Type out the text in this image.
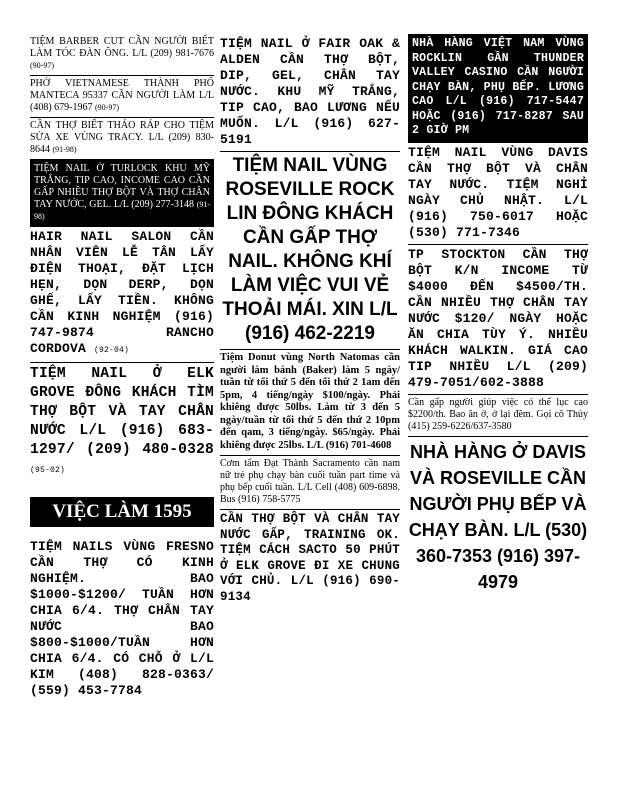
TIỆM BARBER CUT CẦN NGƯỜI BIẾT LÀM TÓC ĐÀN ÔNG. L/L (209) 981-7676 (90-97)

PHỞ VIETNAMESE THÀNH PHỐ MANTECA 95337 CẦN NGƯỜI LÀM L/L (408) 679-1967 (90-97)

CẦN THỢ BIẾT THÁO RÁP CHO TIỆM SỬA XE VÙNG TRACY. L/L (209) 830-8644 (91-98)

TIỆM NAIL Ở TURLOCK KHU MỸ TRẮNG, TIP CAO, INCOME CAO CẦN GẤP NHIỀU THỢ BỘT VÀ THỢ CHÂN TAY NƯỚC, GEL. L/L (209) 277-3148 (91-98)

HAIR NAIL SALON CẦN NHÂN VIÊN LỄ TÂN LẤY ĐIỆN THOẠI, ĐẶT LỊCH HẸN, DỌN DERP, DỌN GHẾ, LẤY TIỀN. KHÔNG CẦN KINH NGHIỆM (916) 747-9874 RANCHO CORDOVA (92-04)

TIỆM NAIL Ở ELK GROVE ĐÔNG KHÁCH TÌM THỢ BỘT VÀ TAY CHÂN NƯỚC L/L (916) 683-1297/ (209) 480-0328 (95-02)

VIỆC LÀM 1595

TIỆM NAILS VÙNG FRESNO CẦN THỢ CÓ KINH NGHIỆM. BAO $1000-$1200/ TUẦN HƠN CHIA 6/4. THỢ CHÂN TAY NƯỚC BAO $800-$1000/TUẦN HƠN CHIA 6/4. CÓ CHỖ Ở L/L KIM (408) 828-0363/ (559) 453-7784

TIỆM NAIL Ở FAIR OAK & ALDEN CẦN THỢ BỘT, DIP, GEL, CHÂN TAY NƯỚC. KHU MỸ TRẮNG, TIP CAO, BAO LƯƠNG NẾU MUỐN. L/L (916) 627-5191

TIỆM NAIL VÙNG ROSEVILLE ROCK LIN ĐÔNG KHÁCH CẦN GẤP THỢ NAIL. KHÔNG KHÍ LÀM VIỆC VUI VẺ THOẢI MÁI. XIN L/L (916) 462-2219

Tiệm Donut vùng North Natomas cần người làm bánh (Baker) làm 5 ngày/ tuần từ tối thứ 5 đến tối thứ 2 1am đến 5pm, 4 tiếng/ngày $100/ngày. Phải khiêng được 50lbs. Làm từ 3 đến 5 ngày/tuần từ tối thứ 5 đến thứ 2 10pm đến qam, 3 tiếng/ngày. $65/ngày. Phải khiêng được 25lbs. L/L (916) 701-4608

Cơm tấm Đạt Thành Sacramento cần nam nữ trẻ phụ chạy bàn cuối tuần part time và phụ bếp cuối tuần. L/L Cell (408) 609-6898. Bus (916) 758-5775

CẦN THỢ BỘT VÀ CHÂN TAY NƯỚC GẤP, TRAINING OK. TIỆM CÁCH SACTO 50 PHÚT Ở ELK GROVE ĐI XE CHUNG VỚI CHỦ. L/L (916) 690-9134

NHÀ HÀNG VIỆT NAM VÙNG ROCKLIN GẦN THUNDER VALLEY CASINO CẦN NGƯỜI CHẠY BÀN, PHỤ BẾP. LƯƠNG CAO L/L (916) 717-5447 HOẶC (916) 717-8287 SAU 2 GIỜ PM

TIỆM NAIL VÙNG DAVIS CẦN THỢ BỘT VÀ CHÂN TAY NƯỚC. TIỆM NGHỈ NGÀY CHỦ NHẬT. L/L (916) 750-6017 HOẶC (530) 771-7346

TP STOCKTON CẦN THỢ BỘT K/N INCOME TỪ $4000 ĐẾN $4500/TH. CẦN NHIỀU THỢ CHÂN TAY NƯỚC $120/ NGÀY HOẶC ĂN CHIA TÙY Ý. NHIỀU KHÁCH WALKIN. GIÁ CAO TIP NHIỀU L/L (209) 479-7051/602-3888

Cần gấp người giúp việc có thể lục cao $2200/th. Bao ăn ở, ở lại đêm. Gọi cô Thủy (415) 259-6226/637-3580

NHÀ HÀNG Ở DAVIS VÀ ROSEVILLE CẦN NGƯỜI PHỤ BẾP VÀ CHẠY BÀN. L/L (530) 360-7353 (916) 397-4979
